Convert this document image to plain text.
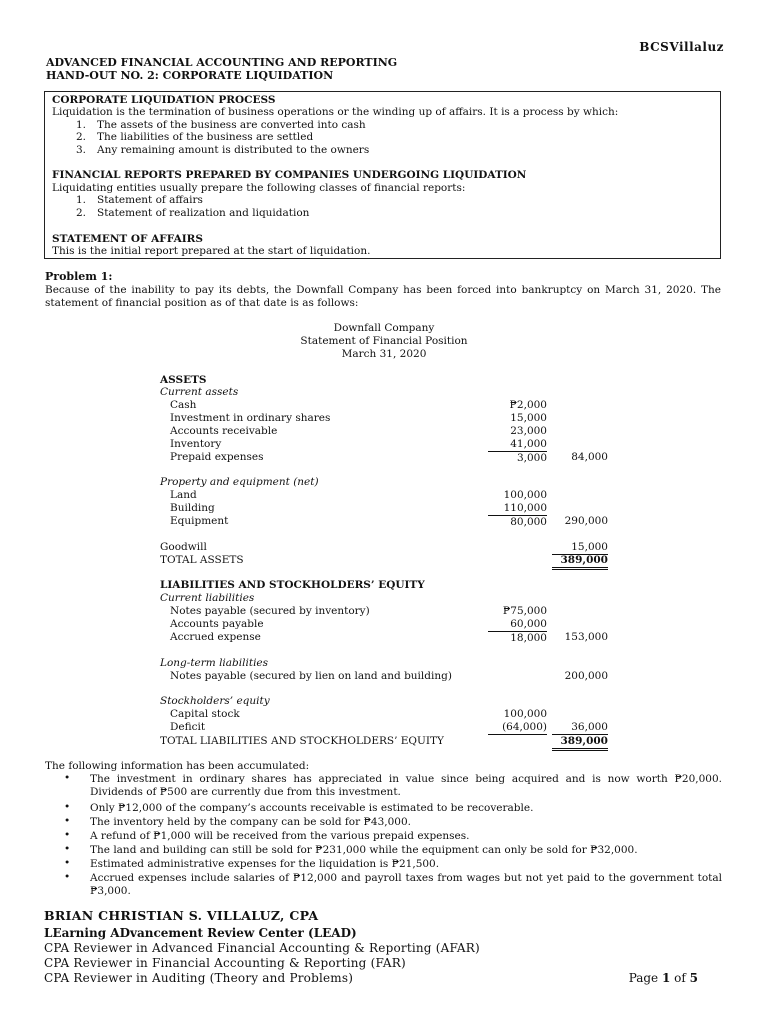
BCSVillaluz
ADVANCED FINANCIAL ACCOUNTING AND REPORTING
HAND-OUT NO. 2: CORPORATE LIQUIDATION
CORPORATE LIQUIDATION PROCESS
Liquidation is the termination of business operations or the winding up of affairs. It is a process by which:
1. The assets of the business are converted into cash
2. The liabilities of the business are settled
3. Any remaining amount is distributed to the owners
FINANCIAL REPORTS PREPARED BY COMPANIES UNDERGOING LIQUIDATION
Liquidating entities usually prepare the following classes of financial reports:
1. Statement of affairs
2. Statement of realization and liquidation
STATEMENT OF AFFAIRS
This is the initial report prepared at the start of liquidation.
Problem 1:
Because of the inability to pay its debts, the Downfall Company has been forced into bankruptcy on March 31, 2020. The statement of financial position as of that date is as follows:
Downfall Company
Statement of Financial Position
March 31, 2020
ASSETS
Current assets
Cash	₱2,000
Investment in ordinary shares	15,000
Accounts receivable	23,000
Inventory	41,000
Prepaid expenses	3,000	84,000
Property and equipment (net)
Land	100,000
Building	110,000
Equipment	80,000	290,000
Goodwill	15,000
TOTAL ASSETS	389,000
LIABILITIES AND STOCKHOLDERS’ EQUITY
Current liabilities
Notes payable (secured by inventory)	₱75,000
Accounts payable	60,000
Accrued expense	18,000	153,000
Long-term liabilities
Notes payable (secured by lien on land and building)	200,000
Stockholders’ equity
Capital stock	100,000
Deficit	(64,000)	36,000
TOTAL LIABILITIES AND STOCKHOLDERS’ EQUITY	389,000
The following information has been accumulated:
• The investment in ordinary shares has appreciated in value since being acquired and is now worth ₱20,000. Dividends of ₱500 are currently due from this investment.
• Only ₱12,000 of the company’s accounts receivable is estimated to be recoverable.
• The inventory held by the company can be sold for ₱43,000.
• A refund of ₱1,000 will be received from the various prepaid expenses.
• The land and building can still be sold for ₱231,000 while the equipment can only be sold for ₱32,000.
• Estimated administrative expenses for the liquidation is ₱21,500.
• Accrued expenses include salaries of ₱12,000 and payroll taxes from wages but not yet paid to the government total ₱3,000.
BRIAN CHRISTIAN S. VILLALUZ, CPA
LEarning ADvancement Review Center (LEAD)
CPA Reviewer in Advanced Financial Accounting & Reporting (AFAR)
CPA Reviewer in Financial Accounting & Reporting (FAR)
CPA Reviewer in Auditing (Theory and Problems)	Page 1 of 5
